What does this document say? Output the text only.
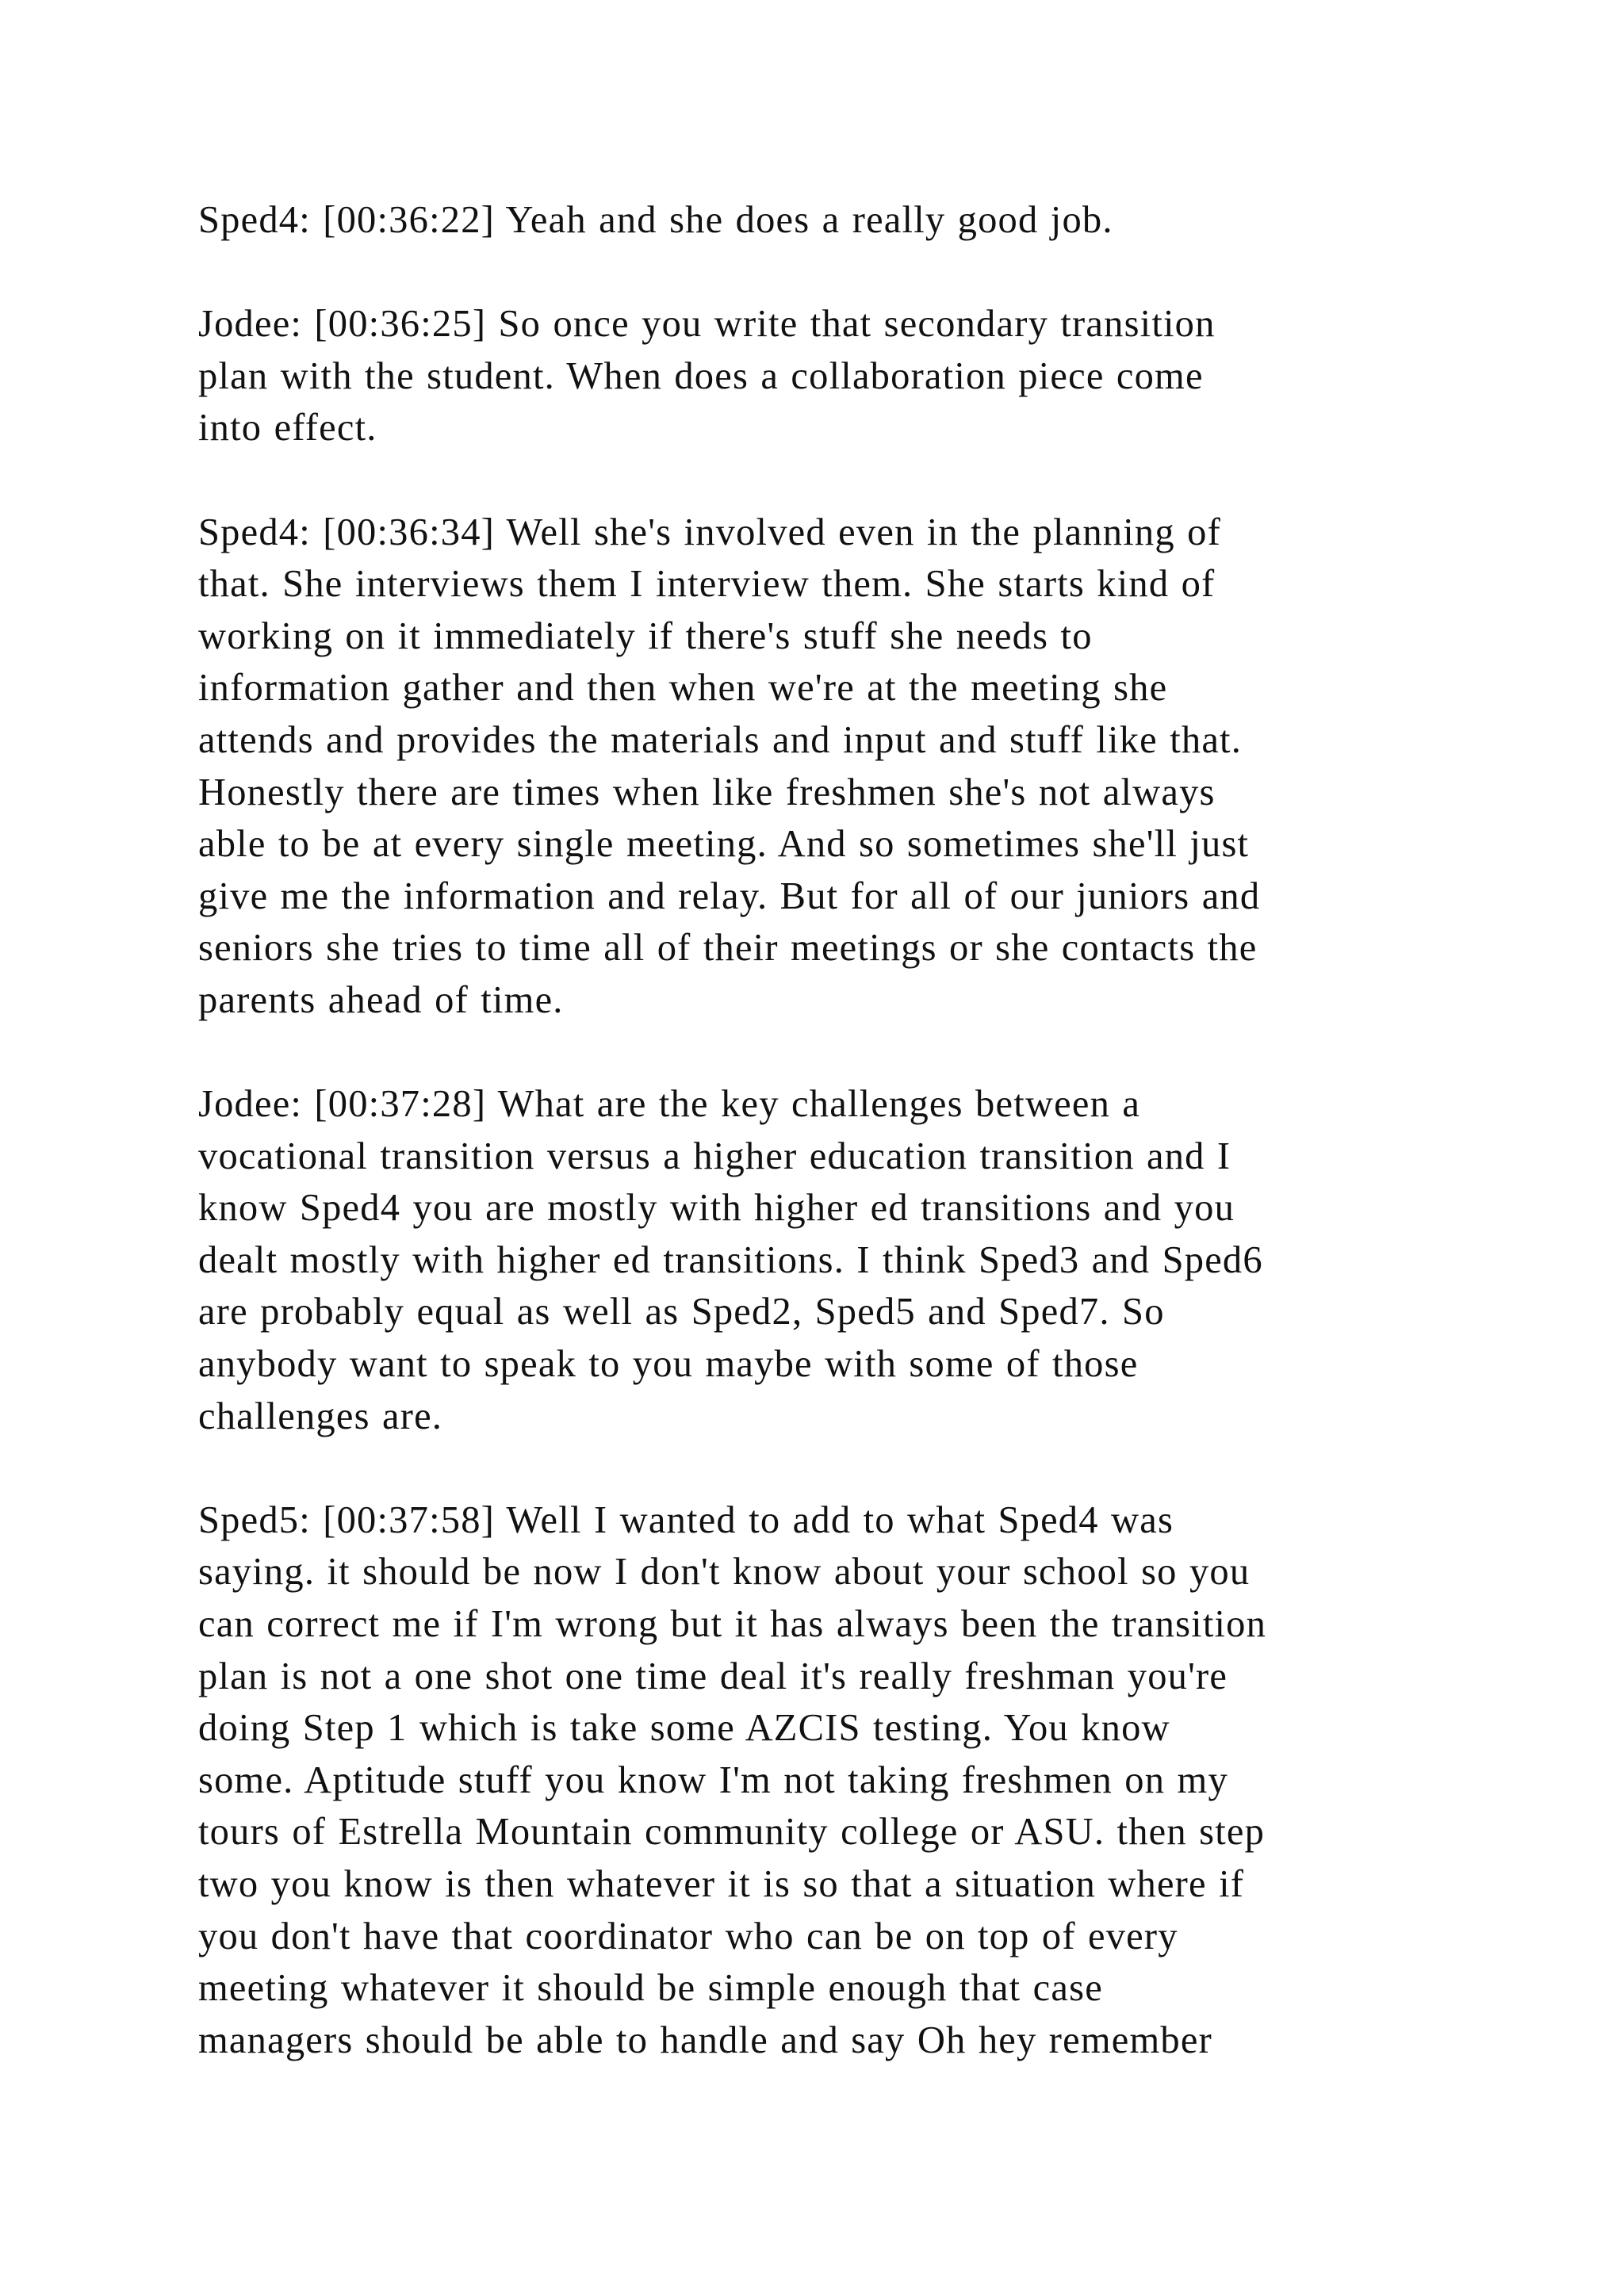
Sped4: [00:36:22] Yeah and she does a really good job.
Jodee: [00:36:25] So once you write that secondary transition
plan with the student. When does a collaboration piece come
into effect.
Sped4: [00:36:34] Well she's involved even in the planning of
that. She interviews them I interview them. She starts kind of
working on it immediately if there's stuff she needs to
information gather and then when we're at the meeting she
attends and provides the materials and input and stuff like that.
Honestly there are times when like freshmen she's not always
able to be at every single meeting. And so sometimes she'll just
give me the information and relay. But for all of our juniors and
seniors she tries to time all of their meetings or she contacts the
parents ahead of time.
Jodee: [00:37:28] What are the key challenges between a
vocational transition versus a higher education transition and I
know Sped4 you are mostly with higher ed transitions and you
dealt mostly with higher ed transitions. I think Sped3 and Sped6
are probably equal as well as Sped2, Sped5 and Sped7. So
anybody want to speak to you maybe with some of those
challenges are.
Sped5: [00:37:58] Well I wanted to add to what Sped4 was
saying. it should be now I don't know about your school so you
can correct me if I'm wrong but it has always been the transition
plan is not a one shot one time deal it's really freshman you're
doing Step 1 which is take some AZCIS testing. You know
some. Aptitude stuff you know I'm not taking freshmen on my
tours of Estrella Mountain community college or ASU. then step
two you know is then whatever it is so that a situation where if
you don't have that coordinator who can be on top of every
meeting whatever it should be simple enough that case
managers should be able to handle and say Oh hey remember
